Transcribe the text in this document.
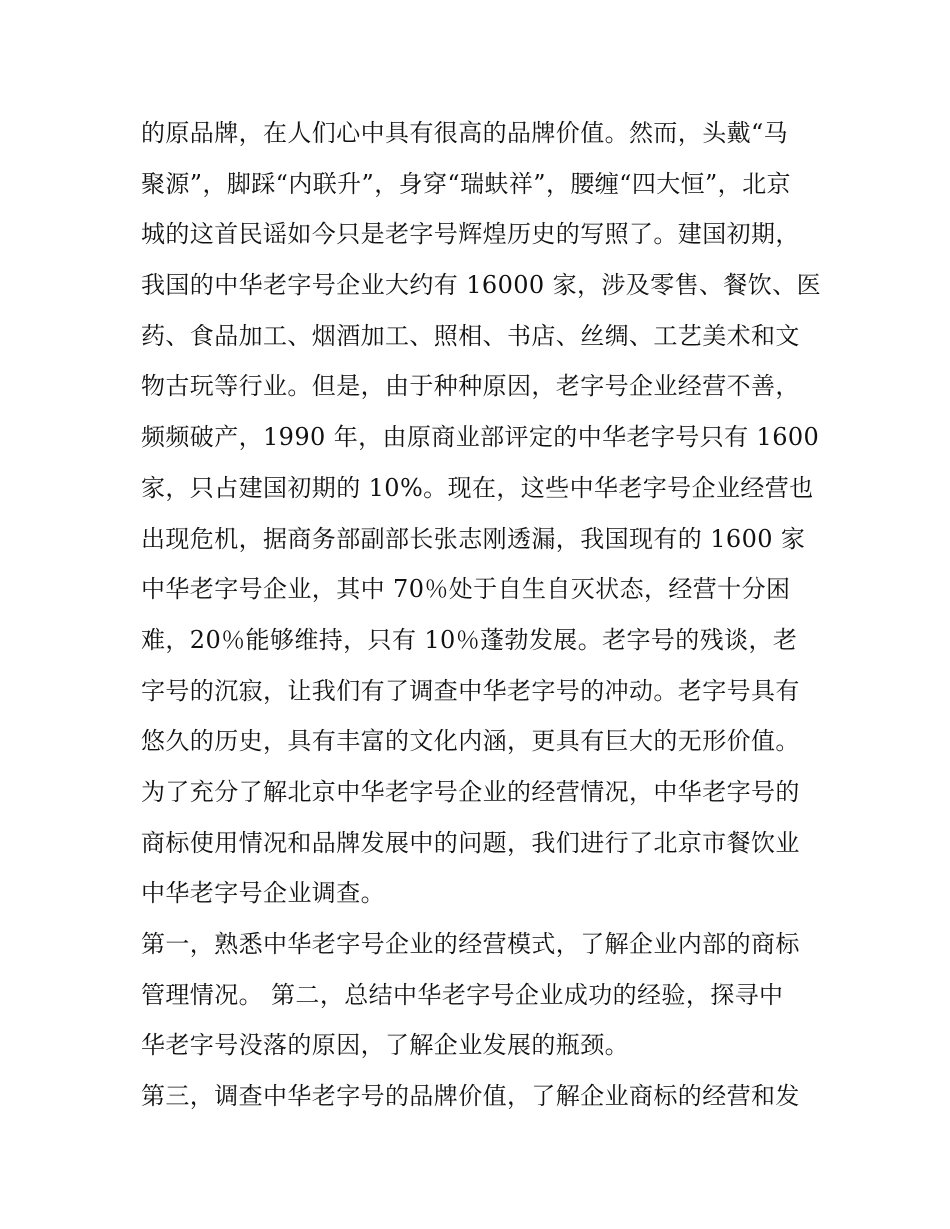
的原品牌，在人们心中具有很高的品牌价值。然而，头戴“马
聚源”，脚踩“内联升”，身穿“瑞蚨祥”，腰缠“四大恒”，北京
城的这首民谣如今只是老字号辉煌历史的写照了。建国初期，
我国的中华老字号企业大约有 16000 家，涉及零售、餐饮、医
药、食品加工、烟酒加工、照相、书店、丝绸、工艺美术和文
物古玩等行业。但是，由于种种原因，老字号企业经营不善，
频频破产，1990 年，由原商业部评定的中华老字号只有 1600
家，只占建国初期的 10%。现在，这些中华老字号企业经营也
出现危机，据商务部副部长张志刚透漏，我国现有的 1600 家
中华老字号企业，其中 70％处于自生自灭状态，经营十分困
难，20％能够维持，只有 10％蓬勃发展。老字号的残谈，老
字号的沉寂，让我们有了调查中华老字号的冲动。老字号具有
悠久的历史，具有丰富的文化内涵，更具有巨大的无形价值。
为了充分了解北京中华老字号企业的经营情况，中华老字号的
商标使用情况和品牌发展中的问题，我们进行了北京市餐饮业
中华老字号企业调查。
第一，熟悉中华老字号企业的经营模式，了解企业内部的商标
管理情况。 第二，总结中华老字号企业成功的经验，探寻中
华老字号没落的原因，了解企业发展的瓶颈。
第三，调查中华老字号的品牌价值，了解企业商标的经营和发
